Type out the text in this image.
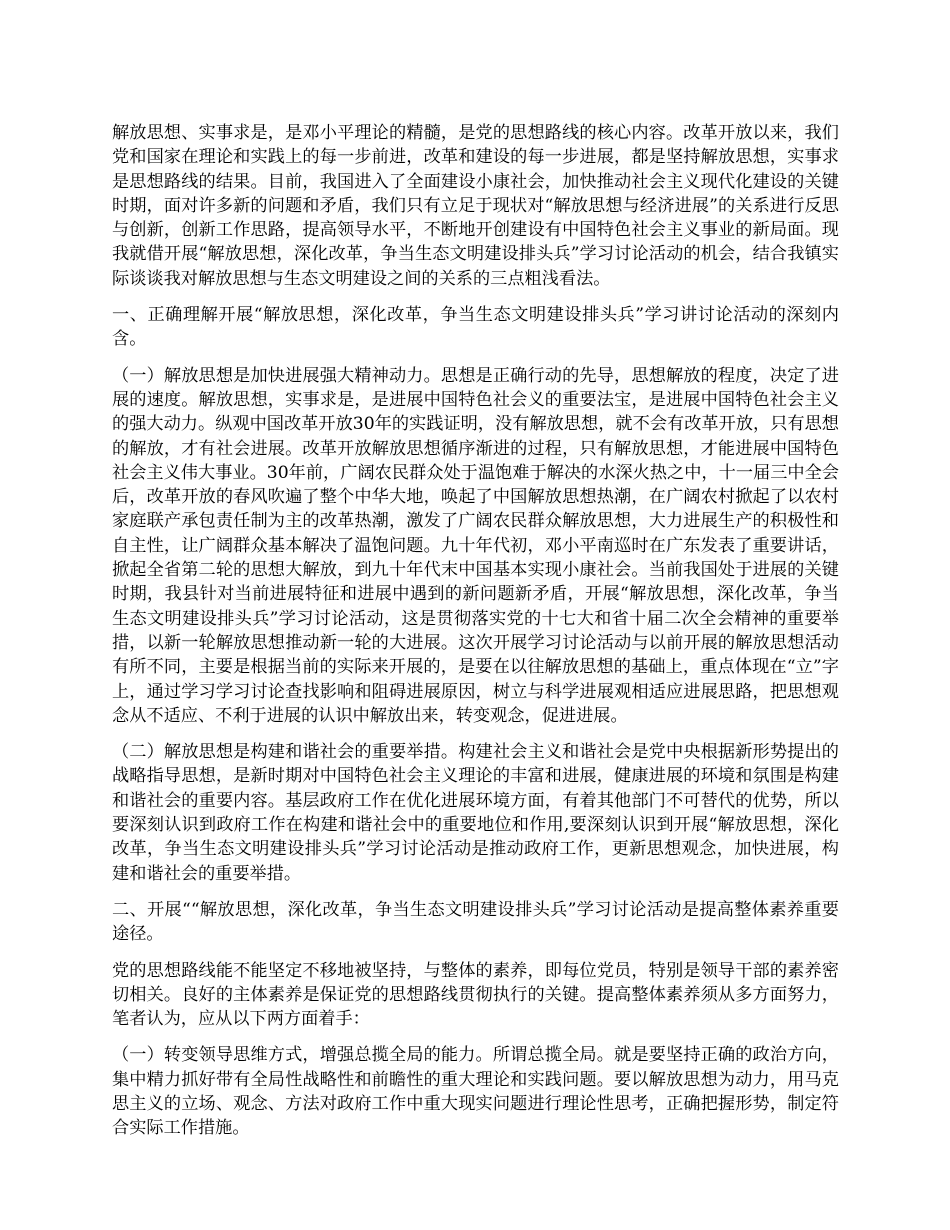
解放思想、实事求是，是邓小平理论的精髓，是党的思想路线的核心内容。改革开放以来，我们党和国家在理论和实践上的每一步前进，改革和建设的每一步进展，都是坚持解放思想，实事求是思想路线的结果。目前，我国进入了全面建设小康社会，加快推动社会主义现代化建设的关键时期，面对许多新的问题和矛盾，我们只有立足于现状对“解放思想与经济进展”的关系进行反思与创新，创新工作思路，提高领导水平，不断地开创建设有中国特色社会主义事业的新局面。现我就借开展“解放思想，深化改革，争当生态文明建设排头兵”学习讨论活动的机会，结合我镇实际谈谈我对解放思想与生态文明建设之间的关系的三点粗浅看法。

一、正确理解开展“解放思想，深化改革，争当生态文明建设排头兵”学习讲讨论活动的深刻内含。

（一）解放思想是加快进展强大精神动力。思想是正确行动的先导，思想解放的程度，决定了进展的速度。解放思想，实事求是，是进展中国特色社会义的重要法宝，是进展中国特色社会主义的强大动力。纵观中国改革开放30年的实践证明，没有解放思想，就不会有改革开放，只有思想的解放，才有社会进展。改革开放解放思想循序渐进的过程，只有解放思想，才能进展中国特色社会主义伟大事业。30年前，广阔农民群众处于温饱难于解决的水深火热之中，十一届三中全会后，改革开放的春风吹遍了整个中华大地，唤起了中国解放思想热潮，在广阔农村掀起了以农村家庭联产承包责任制为主的改革热潮，激发了广阔农民群众解放思想，大力进展生产的积极性和自主性，让广阔群众基本解决了温饱问题。九十年代初，邓小平南巡时在广东发表了重要讲话，掀起全省第二轮的思想大解放，到九十年代末中国基本实现小康社会。当前我国处于进展的关键时期，我县针对当前进展特征和进展中遇到的新问题新矛盾，开展“解放思想，深化改革，争当生态文明建设排头兵”学习讨论活动，这是贯彻落实党的十七大和省十届二次全会精神的重要举措，以新一轮解放思想推动新一轮的大进展。这次开展学习讨论活动与以前开展的解放思想活动有所不同，主要是根据当前的实际来开展的，是要在以往解放思想的基础上，重点体现在“立”字上，通过学习学习讨论查找影响和阻碍进展原因，树立与科学进展观相适应进展思路，把思想观念从不适应、不利于进展的认识中解放出来，转变观念，促进进展。

（二）解放思想是构建和谐社会的重要举措。构建社会主义和谐社会是党中央根据新形势提出的战略指导思想，是新时期对中国特色社会主义理论的丰富和进展，健康进展的环境和氛围是构建和谐社会的重要内容。基层政府工作在优化进展环境方面，有着其他部门不可替代的优势，所以要深刻认识到政府工作在构建和谐社会中的重要地位和作用,要深刻认识到开展“解放思想，深化改革，争当生态文明建设排头兵”学习讨论活动是推动政府工作，更新思想观念，加快进展，构建和谐社会的重要举措。

二、开展““解放思想，深化改革，争当生态文明建设排头兵”学习讨论活动是提高整体素养重要途径。

党的思想路线能不能坚定不移地被坚持，与整体的素养，即每位党员，特别是领导干部的素养密切相关。良好的主体素养是保证党的思想路线贯彻执行的关键。提高整体素养须从多方面努力，笔者认为，应从以下两方面着手：

（一）转变领导思维方式，增强总揽全局的能力。所谓总揽全局。就是要坚持正确的政治方向，集中精力抓好带有全局性战略性和前瞻性的重大理论和实践问题。要以解放思想为动力，用马克思主义的立场、观念、方法对政府工作中重大现实问题进行理论性思考，正确把握形势，制定符合实际工作措施。
